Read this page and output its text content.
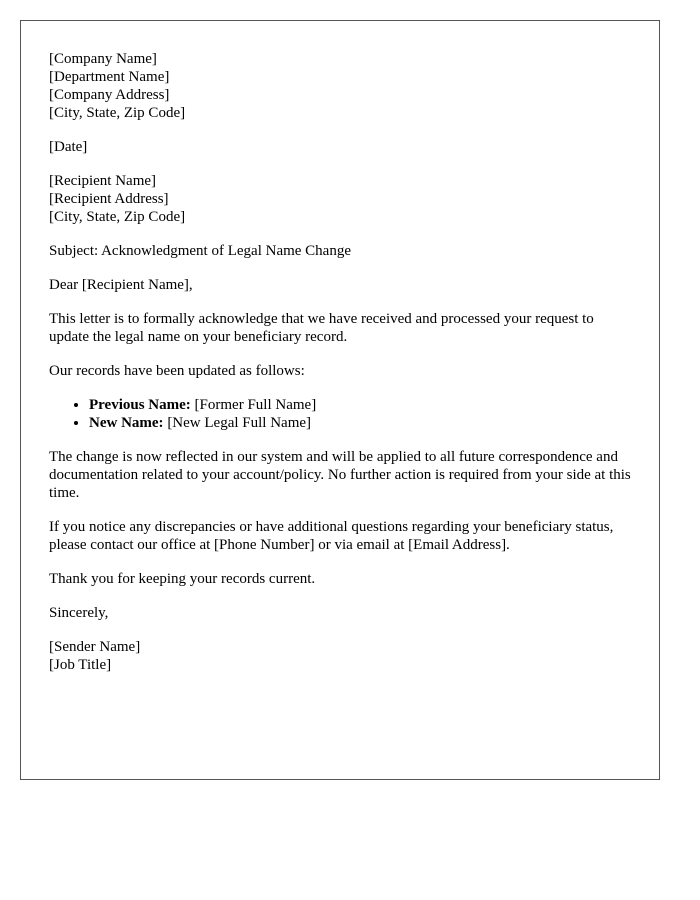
[Company Name]
[Department Name]
[Company Address]
[City, State, Zip Code]

[Date]

[Recipient Name]
[Recipient Address]
[City, State, Zip Code]

Subject: Acknowledgment of Legal Name Change

Dear [Recipient Name],

This letter is to formally acknowledge that we have received and processed your request to update the legal name on your beneficiary record.

Our records have been updated as follows:

• Previous Name: [Former Full Name]
• New Name: [New Legal Full Name]

The change is now reflected in our system and will be applied to all future correspondence and documentation related to your account/policy. No further action is required from your side at this time.

If you notice any discrepancies or have additional questions regarding your beneficiary status, please contact our office at [Phone Number] or via email at [Email Address].

Thank you for keeping your records current.

Sincerely,

[Sender Name]
[Job Title]
